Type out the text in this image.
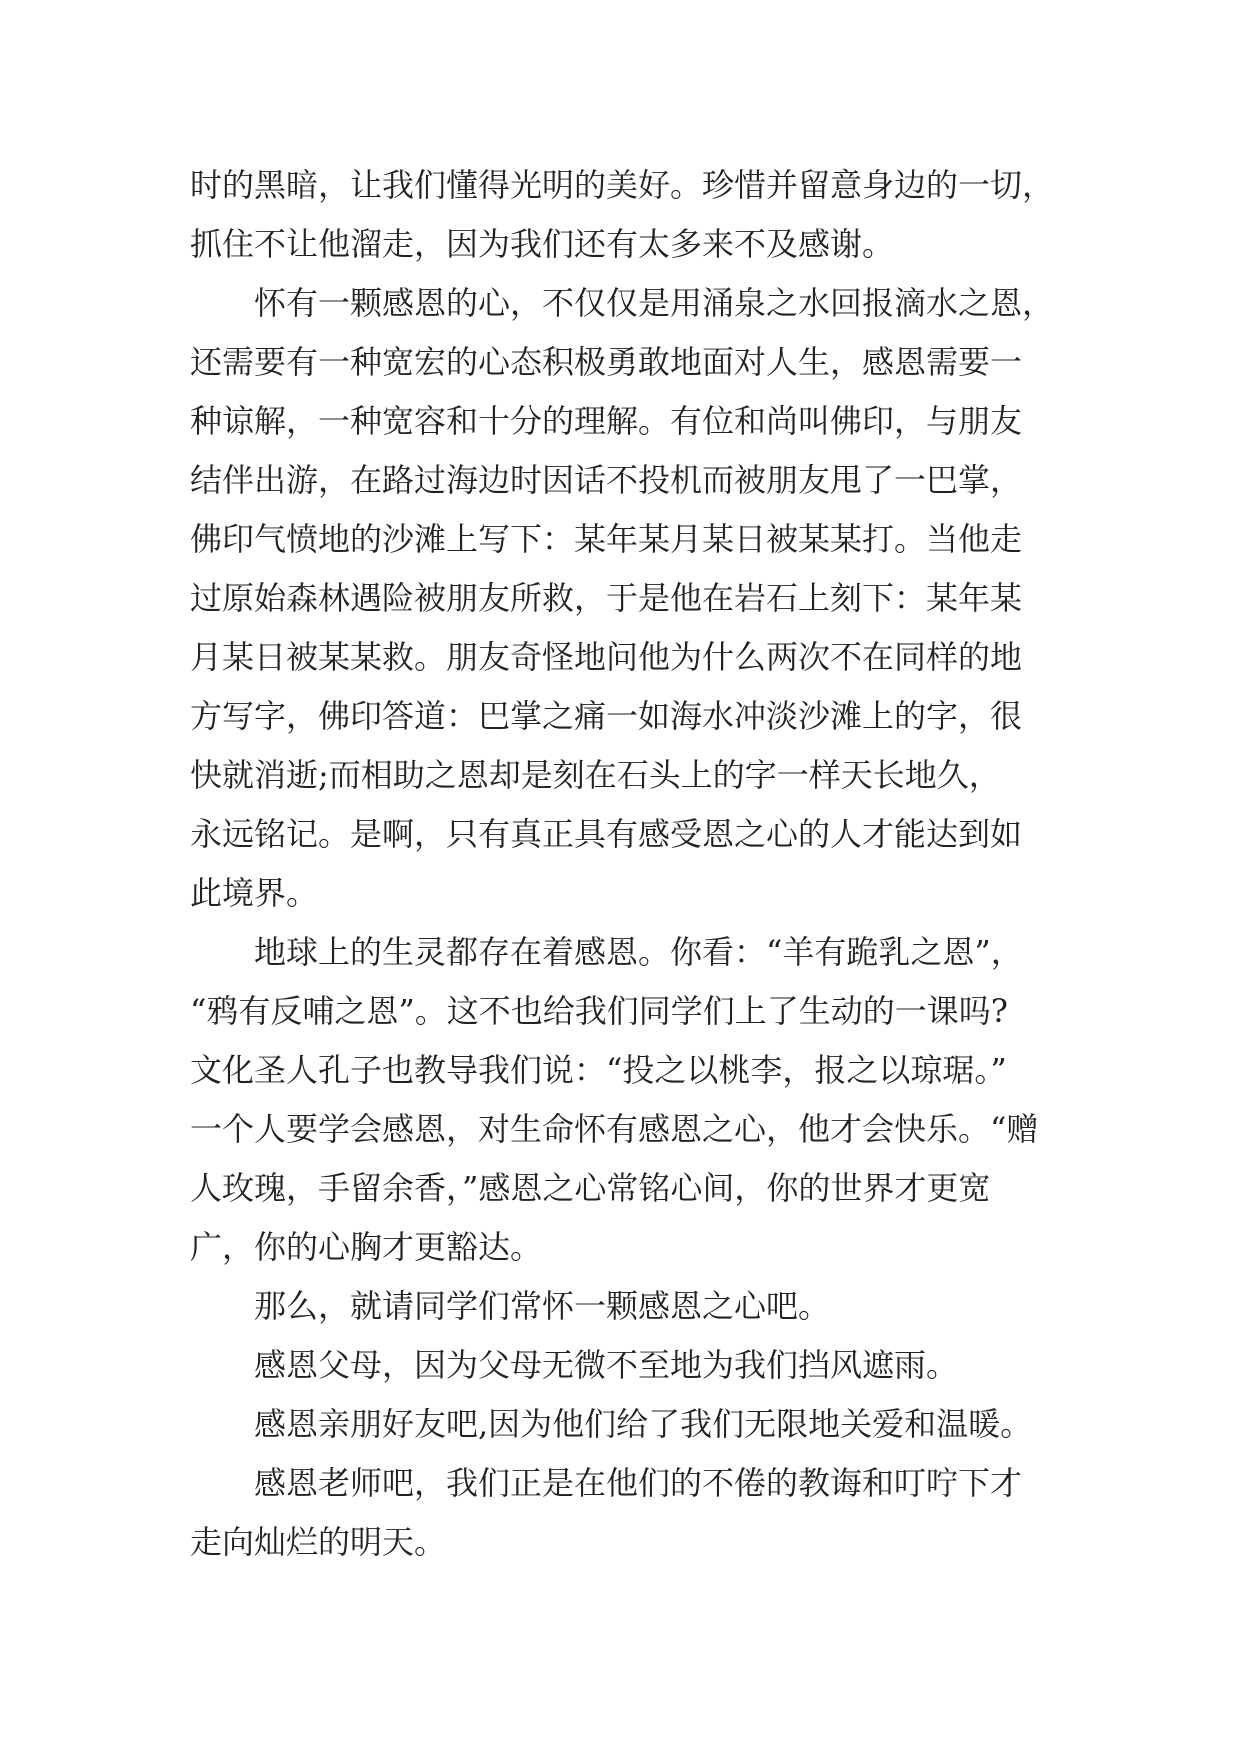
时的黑暗，让我们懂得光明的美好。珍惜并留意身边的一切，
抓住不让他溜走，因为我们还有太多来不及感谢。
　　怀有一颗感恩的心，不仅仅是用涌泉之水回报滴水之恩，
还需要有一种宽宏的心态积极勇敢地面对人生，感恩需要一
种谅解，一种宽容和十分的理解。有位和尚叫佛印，与朋友
结伴出游，在路过海边时因话不投机而被朋友甩了一巴掌，
佛印气愤地的沙滩上写下：某年某月某日被某某打。当他走
过原始森林遇险被朋友所救，于是他在岩石上刻下：某年某
月某日被某某救。朋友奇怪地问他为什么两次不在同样的地
方写字，佛印答道：巴掌之痛一如海水冲淡沙滩上的字，很
快就消逝;而相助之恩却是刻在石头上的字一样天长地久，
永远铭记。是啊，只有真正具有感受恩之心的人才能达到如
此境界。
　　地球上的生灵都存在着感恩。你看：“羊有跪乳之恩”，
“鸦有反哺之恩”。这不也给我们同学们上了生动的一课吗?
文化圣人孔子也教导我们说：“投之以桃李，报之以琼琚。”
一个人要学会感恩，对生命怀有感恩之心，他才会快乐。“赠
人玫瑰，手留余香，”感恩之心常铭心间，你的世界才更宽
广，你的心胸才更豁达。
　　那么，就请同学们常怀一颗感恩之心吧。
　　感恩父母，因为父母无微不至地为我们挡风遮雨。
　　感恩亲朋好友吧,因为他们给了我们无限地关爱和温暖。
　　感恩老师吧，我们正是在他们的不倦的教诲和叮咛下才
走向灿烂的明天。
